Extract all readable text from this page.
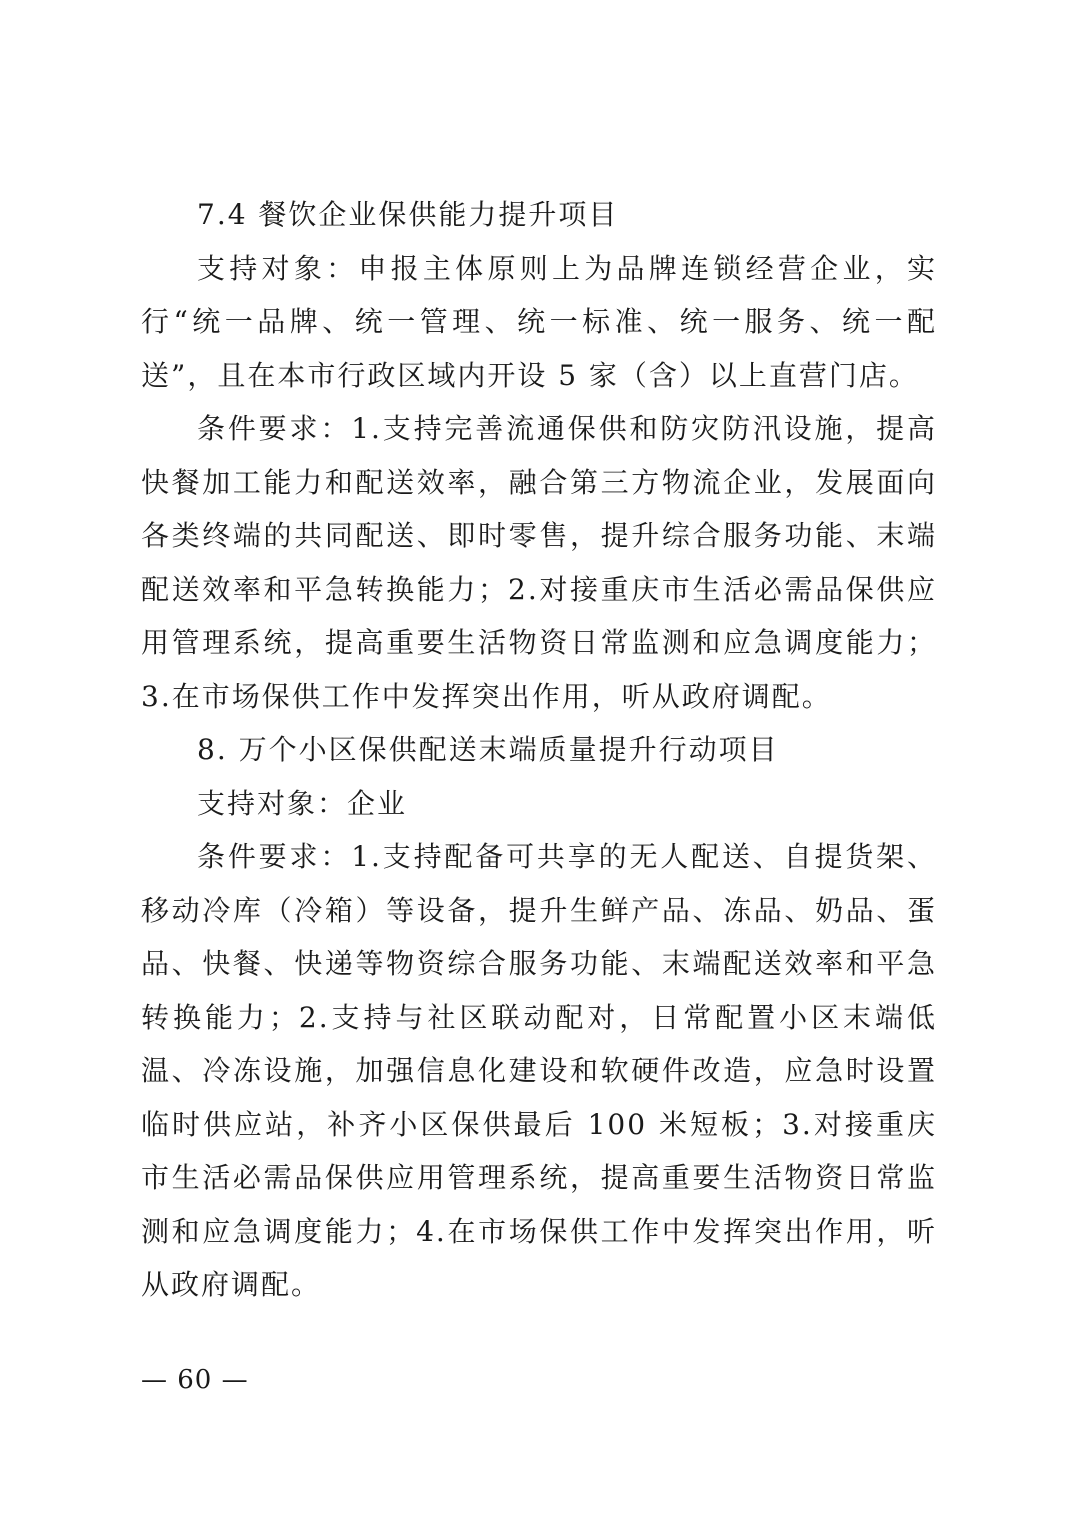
7.4 餐饮企业保供能力提升项目

支持对象：申报主体原则上为品牌连锁经营企业，实行“统一品牌、统一管理、统一标准、统一服务、统一配送”，且在本市行政区域内开设 5 家（含）以上直营门店。

条件要求：1.支持完善流通保供和防灾防汛设施，提高快餐加工能力和配送效率，融合第三方物流企业，发展面向各类终端的共同配送、即时零售，提升综合服务功能、末端配送效率和平急转换能力；2.对接重庆市生活必需品保供应用管理系统，提高重要生活物资日常监测和应急调度能力；3.在市场保供工作中发挥突出作用，听从政府调配。

8. 万个小区保供配送末端质量提升行动项目

支持对象：企业

条件要求：1.支持配备可共享的无人配送、自提货架、移动冷库（冷箱）等设备，提升生鲜产品、冻品、奶品、蛋品、快餐、快递等物资综合服务功能、末端配送效率和平急转换能力；2.支持与社区联动配对，日常配置小区末端低温、冷冻设施，加强信息化建设和软硬件改造，应急时设置临时供应站，补齐小区保供最后 100 米短板；3.对接重庆市生活必需品保供应用管理系统，提高重要生活物资日常监测和应急调度能力；4.在市场保供工作中发挥突出作用，听从政府调配。

— 60 —
